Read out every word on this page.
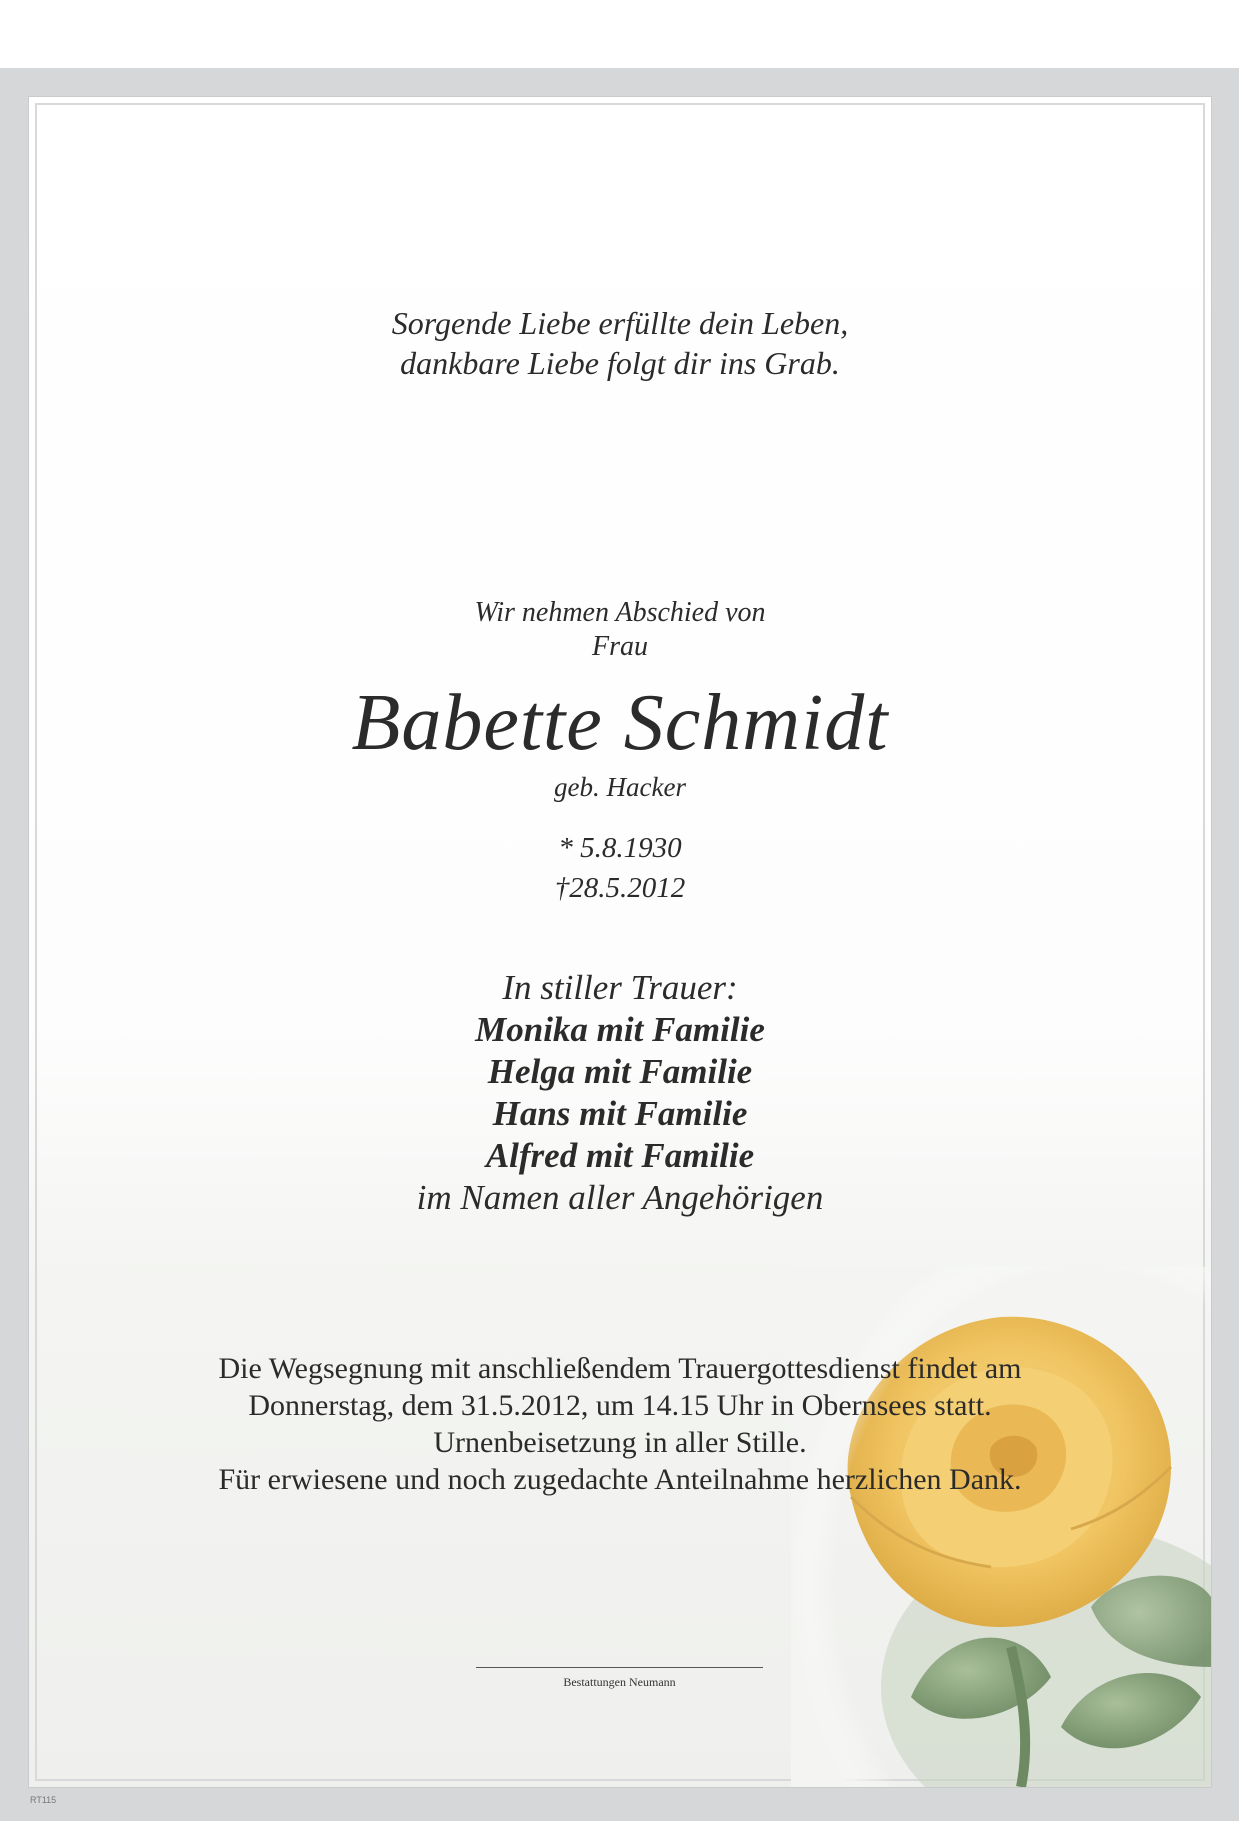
Sorgende Liebe erfüllte dein Leben,
dankbare Liebe folgt dir ins Grab.
Wir nehmen Abschied von
Frau
Babette Schmidt
geb. Hacker
* 5.8.1930
†28.5.2012
In stiller Trauer:
Monika mit Familie
Helga mit Familie
Hans mit Familie
Alfred mit Familie
im Namen aller Angehörigen
Die Wegsegnung mit anschließendem Trauergottesdienst findet am
Donnerstag, dem 31.5.2012, um 14.15 Uhr in Obernsees statt.
Urnenbeisetzung in aller Stille.
Für erwiesene und noch zugedachte Anteilnahme herzlichen Dank.
Bestattungen Neumann
RT115
